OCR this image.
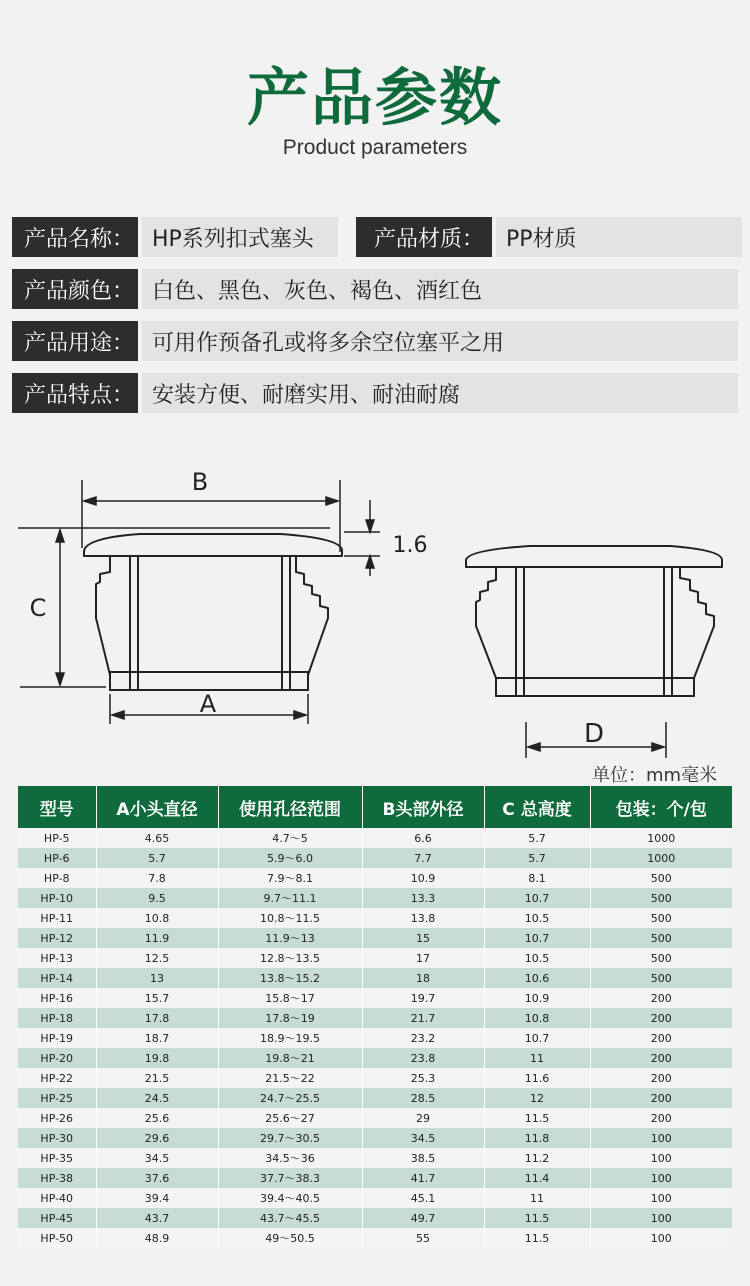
产品参数
Product parameters
产品名称： HP系列扣式塞头	产品材质： PP材质
产品颜色： 白色、黑色、灰色、褐色、酒红色
产品用途： 可用作预备孔或将多余空位塞平之用
产品特点： 安装方便、耐磨实用、耐油耐腐
B
C
1.6
A
D
单位：mm毫米
型号	A小头直径	使用孔径范围	B头部外径	C 总高度	包装：个/包
HP-5	4.65	4.7～5	6.6	5.7	1000
HP-6	5.7	5.9～6.0	7.7	5.7	1000
HP-8	7.8	7.9～8.1	10.9	8.1	500
HP-10	9.5	9.7～11.1	13.3	10.7	500
HP-11	10.8	10.8～11.5	13.8	10.5	500
HP-12	11.9	11.9～13	15	10.7	500
HP-13	12.5	12.8～13.5	17	10.5	500
HP-14	13	13.8～15.2	18	10.6	500
HP-16	15.7	15.8～17	19.7	10.9	200
HP-18	17.8	17.8～19	21.7	10.8	200
HP-19	18.7	18.9～19.5	23.2	10.7	200
HP-20	19.8	19.8～21	23.8	11	200
HP-22	21.5	21.5～22	25.3	11.6	200
HP-25	24.5	24.7～25.5	28.5	12	200
HP-26	25.6	25.6～27	29	11.5	200
HP-30	29.6	29.7～30.5	34.5	11.8	100
HP-35	34.5	34.5～36	38.5	11.2	100
HP-38	37.6	37.7～38.3	41.7	11.4	100
HP-40	39.4	39.4～40.5	45.1	11	100
HP-45	43.7	43.7～45.5	49.7	11.5	100
HP-50	48.9	49～50.5	55	11.5	100
